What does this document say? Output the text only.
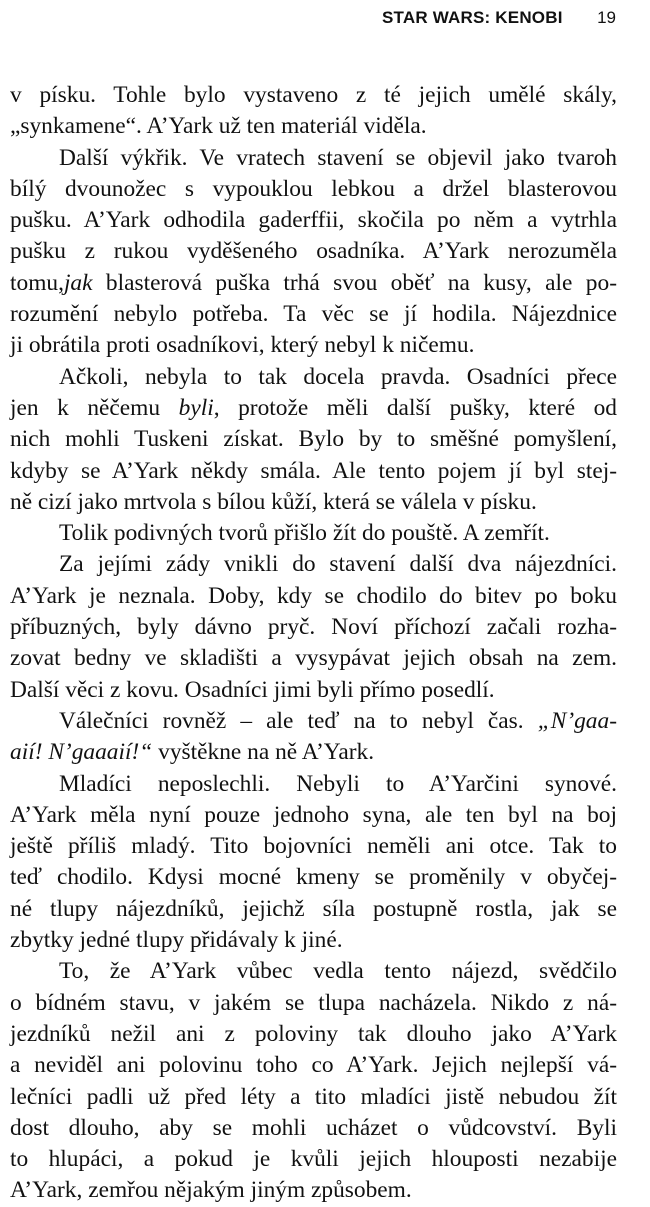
STAR WARS: KENOBI 19
v písku. Tohle bylo vystaveno z té jejich umělé skály,
„synkamene“. A’Yark už ten materiál viděla.
Další výkřik. Ve vratech stavení se objevil jako tvaroh
bílý dvounožec s vypouklou lebkou a držel blasterovou
pušku. A’Yark odhodila gaderffii, skočila po něm a vytrhla
pušku z rukou vyděšeného osadníka. A’Yark nerozuměla
tomu,jak blasterová puška trhá svou oběť na kusy, ale po-
rozumění nebylo potřeba. Ta věc se jí hodila. Nájezdnice
ji obrátila proti osadníkovi, který nebyl k ničemu.
Ačkoli, nebyla to tak docela pravda. Osadníci přece
jen k něčemu byli, protože měli další pušky, které od
nich mohli Tuskeni získat. Bylo by to směšné pomyšlení,
kdyby se A’Yark někdy smála. Ale tento pojem jí byl stej-
ně cizí jako mrtvola s bílou kůží, která se válela v písku.
Tolik podivných tvorů přišlo žít do pouště. A zemřít.
Za jejími zády vnikli do stavení další dva nájezdníci.
A’Yark je neznala. Doby, kdy se chodilo do bitev po boku
příbuzných, byly dávno pryč. Noví příchozí začali rozha-
zovat bedny ve skladišti a vysypávat jejich obsah na zem.
Další věci z kovu. Osadníci jimi byli přímo posedlí.
Válečníci rovněž – ale teď na to nebyl čas. „N’gaa-
aií! N’gaaaií!“ vyštěkne na ně A’Yark.
Mladíci neposlechli. Nebyli to A’Yarčini synové.
A’Yark měla nyní pouze jednoho syna, ale ten byl na boj
ještě příliš mladý. Tito bojovníci neměli ani otce. Tak to
teď chodilo. Kdysi mocné kmeny se proměnily v obyčej-
né tlupy nájezdníků, jejichž síla postupně rostla, jak se
zbytky jedné tlupy přidávaly k jiné.
To, že A’Yark vůbec vedla tento nájezd, svědčilo
o bídném stavu, v jakém se tlupa nacházela. Nikdo z ná-
jezdníků nežil ani z poloviny tak dlouho jako A’Yark
a neviděl ani polovinu toho co A’Yark. Jejich nejlepší vá-
lečníci padli už před léty a tito mladíci jistě nebudou žít
dost dlouho, aby se mohli ucházet o vůdcovství. Byli
to hlupáci, a pokud je kvůli jejich hlouposti nezabije
A’Yark, zemřou nějakým jiným způsobem.
